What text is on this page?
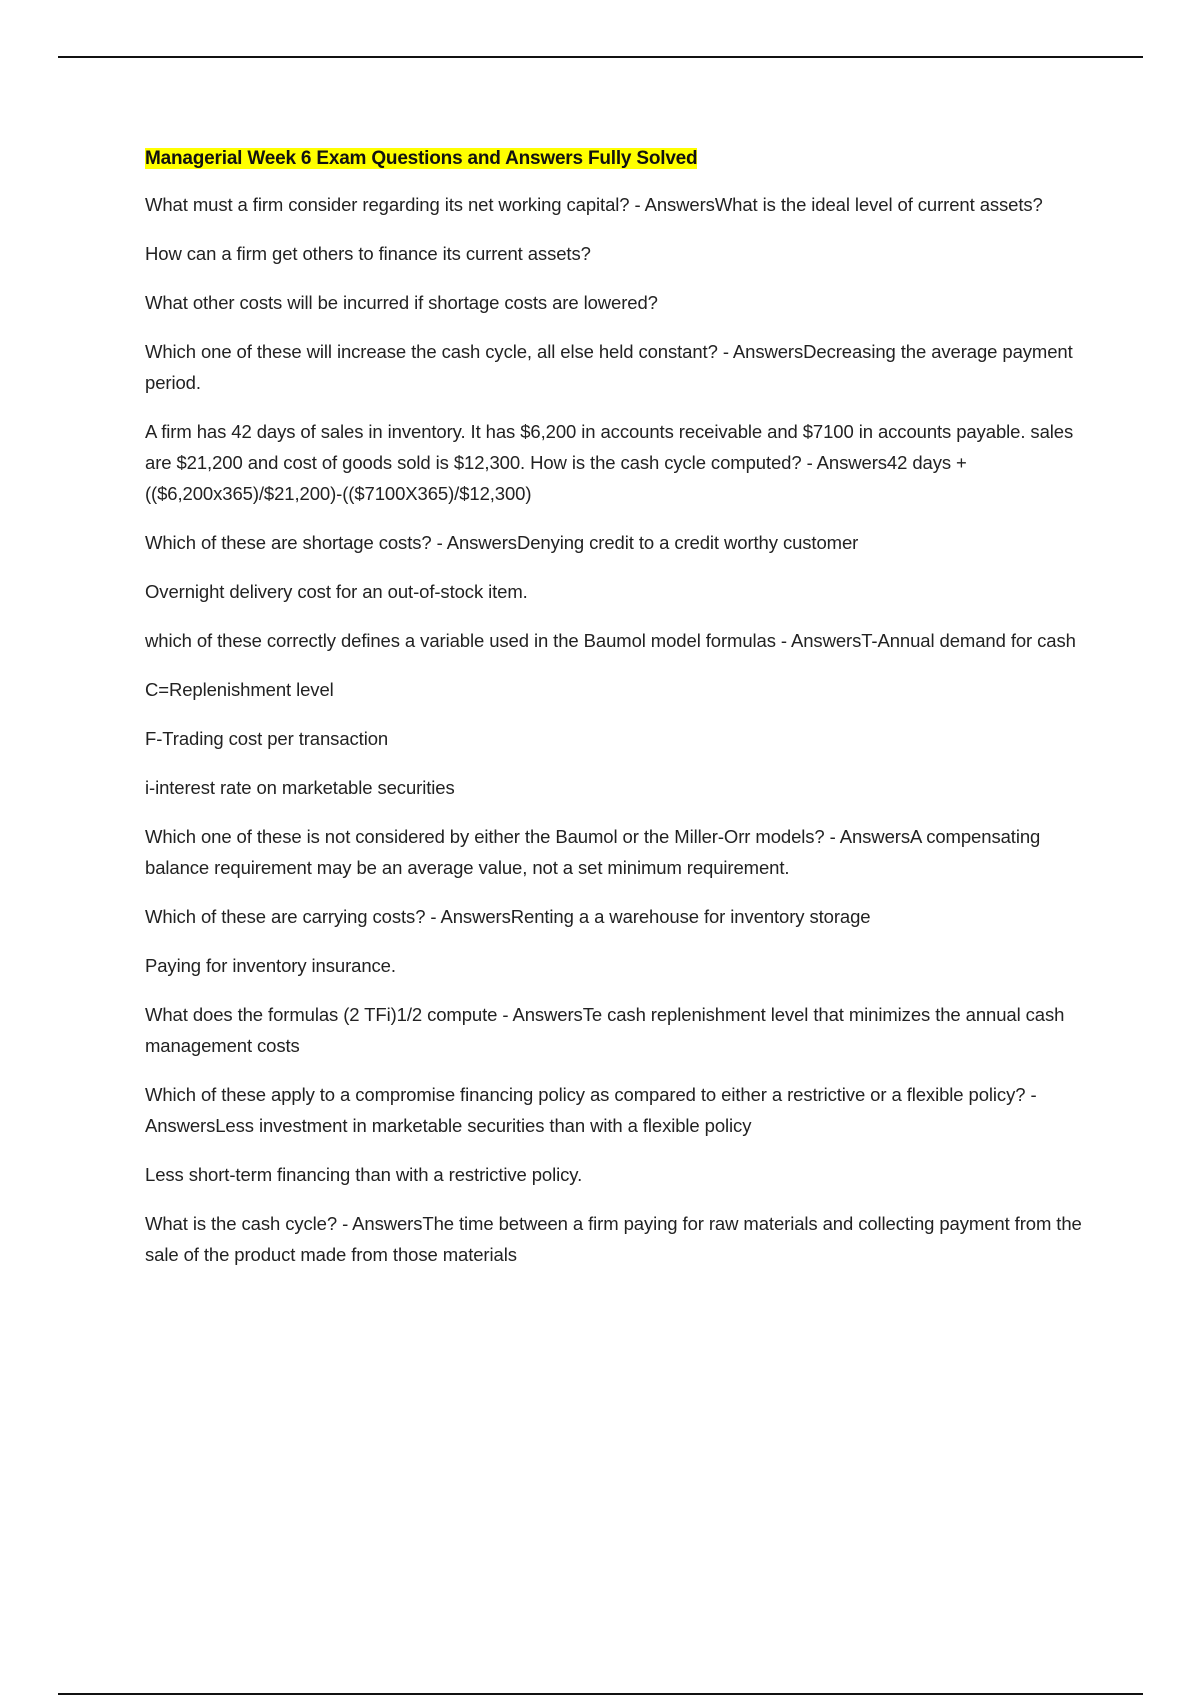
Managerial Week 6 Exam Questions and Answers Fully Solved

What must a firm consider regarding its net working capital? - AnswersWhat is the ideal level of current assets?

How can a firm get others to finance its current assets?

What other costs will be incurred if shortage costs are lowered?

Which one of these will increase the cash cycle, all else held constant? - AnswersDecreasing the average payment period.

A firm has 42 days of sales in inventory. It has $6,200 in accounts receivable and $7100 in accounts payable. sales are $21,200 and cost of goods sold is $12,300. How is the cash cycle computed? - Answers42 days +(($6,200x365)/$21,200)-(($7100X365)/$12,300)

Which of these are shortage costs? - AnswersDenying credit to a credit worthy customer

Overnight delivery cost for an out-of-stock item.

which of these correctly defines a variable used in the Baumol model formulas - AnswersT-Annual demand for cash

C=Replenishment level

F-Trading cost per transaction

i-interest rate on marketable securities

Which one of these is not considered by either the Baumol or the Miller-Orr models? - AnswersA compensating balance requirement may be an average value, not a set minimum requirement.

Which of these are carrying costs? - AnswersRenting a a warehouse for inventory storage

Paying for inventory insurance.

What does the formulas (2 TFi)1/2 compute - AnswersTe cash replenishment level that minimizes the annual cash management costs

Which of these apply to a compromise financing policy as compared to either a restrictive or a flexible policy? - AnswersLess investment in marketable securities than with a flexible policy

Less short-term financing than with a restrictive policy.

What is the cash cycle? - AnswersThe time between a firm paying for raw materials and collecting payment from the sale of the product made from those materials
